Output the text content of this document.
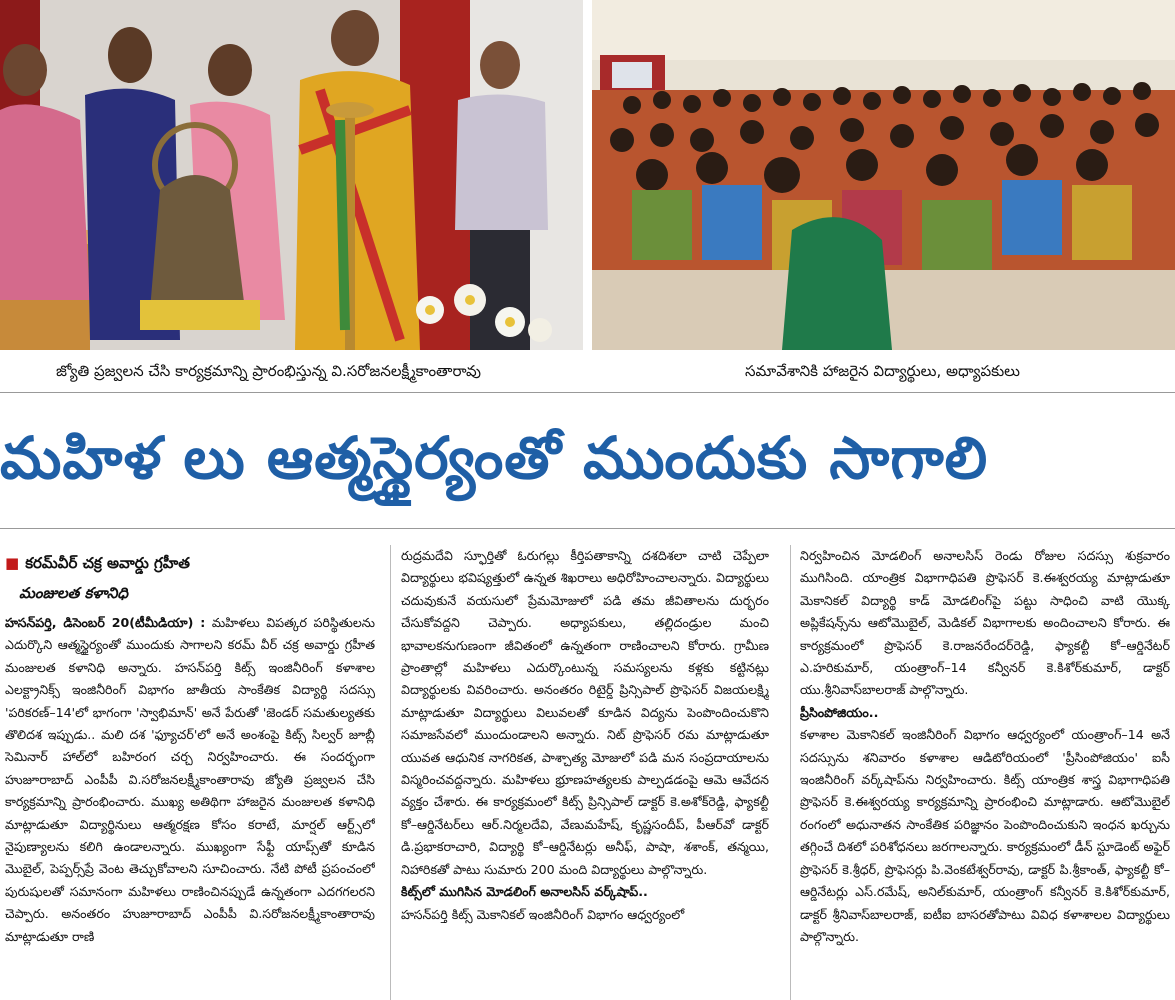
జ్యోతి ప్రజ్వలన చేసి కార్యక్రమాన్ని ప్రారంభిస్తున్న వి.సరోజనలక్ష్మీకాంతారావు	సమావేశానికి హాజరైన విద్యార్థులు, అధ్యాపకులు
మహిళ లు ఆత్మస్థైర్యంతో ముందుకు సాగాలి
■ కరమ్‌వీర్ చక్ర అవార్డు గ్రహీత
మంజులత కళానిధి

హసన్‌పర్తి, డిసెంబర్ 20(టీమీడియా) : మహిళలు విపత్కర పరిస్థితులను ఎదుర్కొని ఆత్మస్థైర్యంతో ముందుకు సాగాలని కరమ్ వీర్ చక్ర అవార్డు గ్రహీత మంజులత కళానిధి అన్నారు. హసన్‌పర్తి కిట్స్ ఇంజినీరింగ్ కళాశాల ఎలక్ట్రానిక్స్ ఇంజినీరింగ్ విభాగం జాతీయ సాంకేతిక విద్యార్థి సదస్సు 'పరికరణ్–14'లో భాగంగా 'స్వాభిమాన్' అనే పేరుతో 'జెండర్ సమతుల్యతకు తొలిదశ ఇప్పుడు.. మలి దశ 'ఫ్యూచర్'లో అనే అంశంపై కిట్స్ సిల్వర్ జూబ్లీ సెమినార్ హాల్‌లో బహిరంగ చర్చ నిర్వహించారు. ఈ సందర్భంగా హుజూరాబాద్ ఎంపీపీ వి.సరోజనలక్ష్మీకాంతారావు జ్యోతి ప్రజ్వలన చేసి కార్యక్రమాన్ని ప్రారంభించారు. ముఖ్య అతిథిగా హాజరైన మంజులత కళానిధి మాట్లాడుతూ విద్యార్థినులు ఆత్మరక్షణ కోసం కరాటే, మార్షల్ ఆర్ట్స్‌లో నైపుణ్యాలను కలిగి ఉండాలన్నారు. ముఖ్యంగా సేఫ్టీ యాప్స్‌తో కూడిన మొబైల్, పెప్పర్స్‌ప్రే వెంట తెచ్చుకోవాలని సూచించారు. నేటి పోటీ ప్రపంచంలో పురుషులతో సమానంగా మహిళలు రాణించినప్పుడే ఉన్నతంగా ఎదగగలరని చెప్పారు. అనంతరం హుజూరాబాద్ ఎంపీపీ వి.సరోజనలక్ష్మీకాంతారావు మాట్లాడుతూ రాణి

రుద్రమదేవి స్ఫూర్తితో ఓరుగల్లు కీర్తిపతాకాన్ని దశదిశలా చాటి చెప్పేలా విద్యార్థులు భవిష్యత్తులో ఉన్నత శిఖరాలు అధిరోహించాలన్నారు. విద్యార్థులు చదువుకునే వయసులో ప్రేమమోజులో పడి తమ జీవితాలను దుర్భరం చేసుకోవద్దని చెప్పారు. అధ్యాపకులు, తల్లిదండ్రుల మంచి భావాలకనుగుణంగా జీవితంలో ఉన్నతంగా రాణించాలని కోరారు. గ్రామీణ ప్రాంతాల్లో మహిళలు ఎదుర్కొంటున్న సమస్యలను కళ్లకు కట్టినట్లు విద్యార్థులకు వివరించారు. అనంతరం రిటైర్డ్ ప్రిన్సిపాల్ ప్రొఫెసర్ విజయలక్ష్మి మాట్లాడుతూ విద్యార్థులు విలువలతో కూడిన విద్యను పెంపొందించుకొని సమాజసేవలో ముందుండాలని అన్నారు. నిట్ ప్రొఫెసర్ రమ మాట్లాడుతూ యువత ఆధునిక నాగరికత, పాశ్చాత్య మోజులో పడి మన సంప్రదాయాలను విస్మరించవద్దన్నారు. మహిళలు భ్రూణహత్యలకు పాల్పడడంపై ఆమె ఆవేదన వ్యక్తం చేశారు. ఈ కార్యక్రమంలో కిట్స్ ప్రిన్సిపాల్ డాక్టర్ కె.అశోక్‌రెడ్డి, ఫ్యాకల్టీ కో–ఆర్డినేటర్‌లు ఆర్.నిర్మలదేవి, వేణుమహేష్, కృష్ణసందీప్, పీఆర్‌వో డాక్టర్ డి.ప్రభాకరాచారి, విద్యార్థి కో–ఆర్డినేటర్లు అనీఫ్, పాషా, శశాంక్, తన్మయి, నిహారికతో పాటు సుమారు 200 మంది విద్యార్థులు పాల్గొన్నారు.

కిట్స్‌లో ముగిసిన మోడలింగ్ అనాలసిస్ వర్క్‌షాప్..

హసన్‌పర్తి కిట్స్ మెకానికల్ ఇంజినీరింగ్ విభాగం ఆధ్వర్యంలో

నిర్వహించిన మోడలింగ్ అనాలసిస్ రెండు రోజుల సదస్సు శుక్రవారం ముగిసింది. యాంత్రిక విభాగాధిపతి ప్రొఫెసర్ కె.ఈశ్వరయ్య మాట్లాడుతూ మెకానికల్ విద్యార్థి కాడ్ మోడలింగ్‌పై పట్టు సాధించి వాటి యొక్క అప్లికేషన్స్‌ను ఆటోమొబైల్, మెడికల్ విభాగాలకు అందించాలని కోరారు. ఈ కార్యక్రమంలో ప్రొఫెసర్ కె.రాజనరేందర్‌రెడ్డి, ఫ్యాకల్టీ కో–ఆర్డినేటర్ ఎ.హరికుమార్, యంత్రాంగ్–14 కన్వీనర్ కె.కిశోర్‌కుమార్, డాక్టర్ యు.శ్రీనివాస్‌బాలరాజ్ పాల్గొన్నారు.

ప్రీసింపోజియం..

కళాశాల మెకానికల్ ఇంజినీరింగ్ విభాగం ఆధ్వర్యంలో యంత్రాంగ్–14 అనే సదస్సును శనివారం కళాశాల ఆడిటోరియంలో 'ప్రీసింపోజియం' ఐసీ ఇంజినీరింగ్ వర్క్‌షాప్‌ను నిర్వహించారు. కిట్స్ యాంత్రిక శాస్త్ర విభాగాధిపతి ప్రొఫెసర్ కె.ఈశ్వరయ్య కార్యక్రమాన్ని ప్రారంభించి మాట్లాడారు. ఆటోమొబైల్ రంగంలో అధునాతన సాంకేతిక పరిజ్ఞానం పెంపొందించుకుని ఇంధన ఖర్చును తగ్గించే దిశలో పరిశోధనలు జరగాలన్నారు. కార్యక్రమంలో డీన్ స్టూడెంట్ అఫైర్ ప్రొఫెసర్ కె.శ్రీధర్, ప్రొఫెసర్లు పి.వెంకటేశ్వర్‌రావు, డాక్టర్ పి.శ్రీకాంత్, ఫ్యాకల్టీ కో–ఆర్డినేటర్లు ఎస్.రమేష్, అనిల్‌కుమార్, యంత్రాంగ్ కన్వీనర్ కె.కిశోర్‌కుమార్, డాక్టర్ శ్రీనివాస్‌బాలరాజ్, ఐటీఐ బాసరతోపాటు వివిధ కళాశాలల విద్యార్థులు పాల్గొన్నారు.
